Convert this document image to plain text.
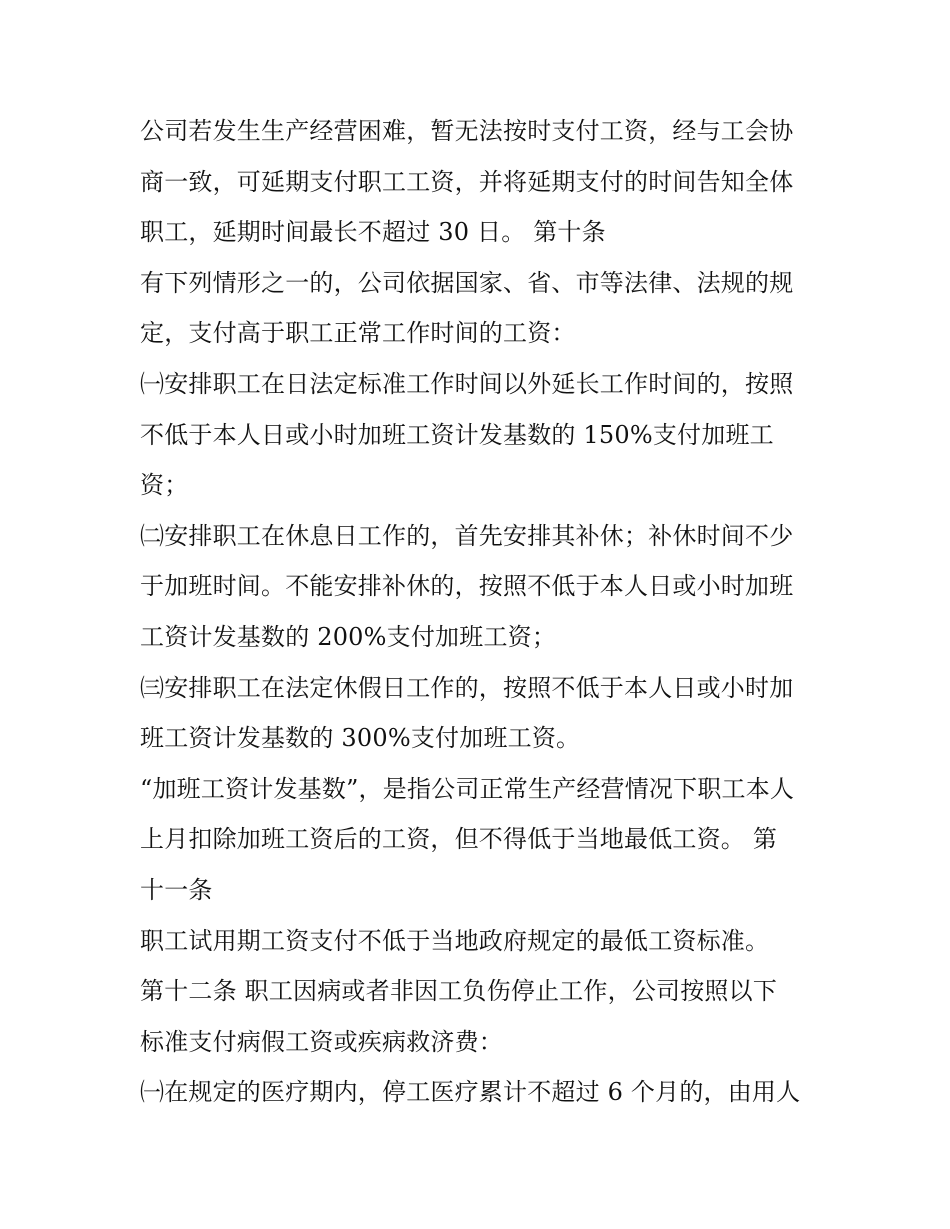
公司若发生生产经营困难，暂无法按时支付工资，经与工会协
商一致，可延期支付职工工资，并将延期支付的时间告知全体
职工，延期时间最长不超过 30 日。 第十条
有下列情形之一的，公司依据国家、省、市等法律、法规的规
定，支付高于职工正常工作时间的工资：
㈠安排职工在日法定标准工作时间以外延长工作时间的，按照
不低于本人日或小时加班工资计发基数的 150%支付加班工
资；
㈡安排职工在休息日工作的，首先安排其补休；补休时间不少
于加班时间。不能安排补休的，按照不低于本人日或小时加班
工资计发基数的 200%支付加班工资；
㈢安排职工在法定休假日工作的，按照不低于本人日或小时加
班工资计发基数的 300%支付加班工资。
“加班工资计发基数”，是指公司正常生产经营情况下职工本人
上月扣除加班工资后的工资，但不得低于当地最低工资。 第
十一条
职工试用期工资支付不低于当地政府规定的最低工资标准。
第十二条 职工因病或者非因工负伤停止工作，公司按照以下
标准支付病假工资或疾病救济费：
㈠在规定的医疗期内，停工医疗累计不超过 6 个月的，由用人
